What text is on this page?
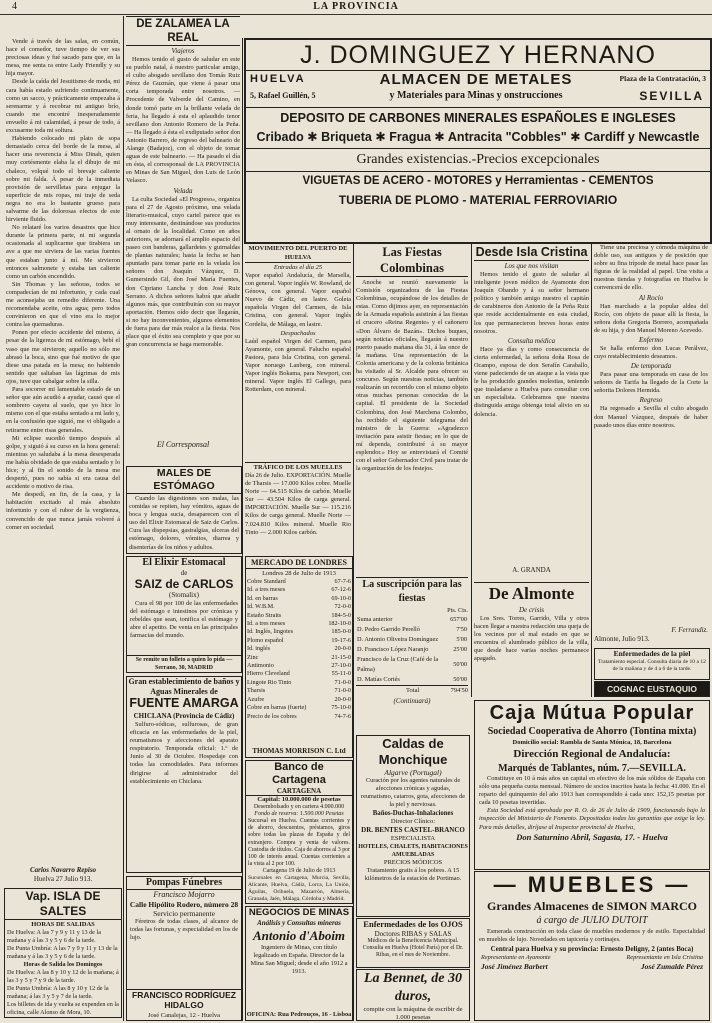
4	LA PROVINCIA

Vende á través de las salas, en común, hace el comedor, tuve tiempo de ver sus preciosas ideas y fué sacado para que, en la mesa, me senta ra entre Lady Friendly y su hija mayor.

Desde la caída del Jesuitismo de moda, mi cara había estado sufriendo continuamente, como un sacco, y prácticamente empezaba á serenarme y á recobrar mi antiguo brío, cuando me encontré inesperadamente envuelto á mi calamidad, á pesar de todo, á excusarme toda mi soltura.

Habiendo colocado mi plato de sopa demasiado cerca del borde de la mesa, al hacer una reverencia á Miss Dinah, quien muy cortésmente elaba la el dibujo de mi chaleco, volqué todo el brevaje caliente sobre mi falda. Á pesar de la inmediata provisión de servilletas para enjugar la superficie de mis ropas, mi traje de seda negra no era lo bastante grueso para salvarme de las dolorosas efectos de este hirviente fluido.

No relataré los varios desastres que hice durante la primera parte, ni mi segunda ocasionada al suplicarme que tirabiera un ave a que me sirviera de las varias fuentes que estaban junto á mí. Me sirvieron entonces salmonete y estaba tan caliente como un carbón encendido.

Sin Thomas y las señoras, todos se compadecían de mi infortunio, y cada cual me aconsejaba un remedio diferente. Una recomendaba aceite, otra agua; pero todos convinieron en que el vino era lo mejor contra las quemaduras.

Ponen por efecto accidente del mismo, á pesar de la ligereza de mi estómago, bebí el vaso que me sirvieron; aquello no sólo me abrasó la boca, sino que fué motivo de que diese una patada en la mesa; no habiendo sentido que saltaban las lágrimas de mis ojos, tuve que cabalgar sobre la silla.

Para socorrer mi lamentable estado de un señor que aún acudió a ayudar, causó que el sombrero cayera al suelo, que yo hice lo mismo con el que estaba sentado a mi lado y, en la confusión que siguió, me vi obligado a retirarme entre risas generales.

Mi eclipse sucedió tiempo después al golpe, y siguió á su curso en la hora general: mientras yo saludaba á la mesa desesperada me había olvidado de que estaba sentado y lo hice; y al fin el sonido de la mesa me despertó, pues no sabía si era causa del accidente o motivo de risa.

Me despedí, en fin, de la casa, y la habitación excitado al más absoluto infortunio y con el rubor de la vergüenza, convencido de que nunca jamás volveré á comer en sociedad.

Carlos Navarro Repiso
Huelva 27 Julio 913.
Vap. ISLA DE SALTES
HORAS DE SALIDAS
De Huelva: A las 7 y 9 y 11 y 13 de la mañana y á las 3 y 5 y 6 de la tarde.
De Punta Umbría: A las 7 y 9 y 11 y 13 de la mañana y á las 3 y 5 y 6 de la tarde.
Horas de Salida los Domingos
De Huelva: A las 8 y 10 y 12 de la mañana; á las 3 y 5 y 7 y 9 de la tarde.
De Punta Umbría: A las 8 y 10 y 12 de la mañana; á las 3 y 5 y 7 de la tarde.
Los billetes de ida y vuelta se expenden en la oficina, calle Alonso de Mora, 10.
DE ZALAMEA LA REAL
Viajeros
Hemos tenido el gusto de saludar en este su pueblo natal, á nuestro particular amigo, el culto abogado sevillano don Tomás Ruiz Pérez de Guzmán, que viene á pasar una corta temporada entre nosotros. — Procedente de Valverde del Camino, en donde tomó parte en la brillante velada de feria, ha llegado á esta el aplaudido tenor sevillano don Antonio Romero de la Peña. — Ha llegado á ésta el exdiputado señor don Antonio Barrero, de regreso del balneario de Alange (Badajoz), con el objeto de tomar aguas de este balneario. — Ha pasado el día en ésta, el corresponsal de LA PROVINCIA en Minas de San Miguel, don Luis de León Velasco.
Velada
La culta Sociedad «El Progreso», organiza para el 27 de Agosto próximo, una velada literario-musical, cuyo cartel parece que es muy interesante, destinándose sus productos al ornato de la localidad. Como en años anteriores, se adornará el amplio espacio del paseo con banderas, gallardetes y guirnaldas de plantas naturales; hasta la fecha se han apuntado para tomar parte en la velada los señores don Joaquín Vázquez, D. Gumersindo Gil, don José María Fuentes, don Cipriano Lancha y don José Ruiz Serrano. A dichos señores habrá que añadir algunos más, que contribuirán con su mayor aportación. Hemos oído decir que llegarán, si no hay inconvenientes, algunos elementos de fuera para dar más realce a la fiesta. Nos place que el éxito sea completo y que por su gran concurrencia se haga memorable.
El Corresponsal
MALES DE ESTÓMAGO
Cuando las digestiones son malas, las comidas se repiten, hay vómitos, aguas de boca y lengua sucia, desaparecen con el uso del Elixir Estomacal de Saiz de Carlos. Cura las dispepsias, gastralgias, ulceras del estómago, dolores, vómitos, diarrea y disenterías de los niños y adultos.
El Elixir Estomacal
de
SAIZ de CARLOS
(Stomalix)
Cura el 98 por 100 de las enfermedades del estómago e intestinos por crónicas y rebeldes que sean, tonifica el estómago y abre el apetito. De venta en las principales farmacias del mundo.
Se remite un folleto a quien lo pida — Serrano, 30, MADRID
Gran establecimiento de baños y Aguas Minerales de
FUENTE AMARGA
CHICLANA (Provincia de Cádiz)
Sulfuro-sódicas, sulfurosas, de gran eficacia en las enfermedades de la piel, reumatismos y afecciones del aparato respiratorio. Temporada oficial: 1.º de Junio al 30 de Octubre. Hospedaje con todas las comodidades. Para informes dirigirse al administrador del establecimiento en Chiclana.
Pompas Fúnebres
Francisco Mojarro
Calle Hipólito Rodero, número 28
Servicio permanente
Féretros de todas clases, al alcance de todas las fortunas, y especialidad en los de lujo.
FRANCISCO RODRÍGUEZ HIDALGO
José Canalejas, 12 - Huelva
J. DOMINGUEZ Y HERNANO
HUELVA	ALMACEN DE METALES	Plaza de la Contratación, 3
5, Rafael Guillén, 5	y Materiales para Minas y onstrucciones	SEVILLA
DEPOSITO DE CARBONES MINERALES ESPAÑOLES E INGLESES
Cribado ✱ Briqueta ✱ Fragua ✱ Antracita "Cobbles" ✱ Cardiff y Newcastle
Grandes existencias.-Precios excepcionales
VIGUETAS DE ACERO - MOTORES y Herramientas - CEMENTOS
TUBERIA DE PLOMO - MATERIAL FERROVIARIO
MOVIMIENTO DEL PUERTO DE HUELVA
Entradas el día 25
Vapor español Andalucía, de Marsella, con general. Vapor inglés W. Rowland, de Génova, con general. Vapor español Nuevo de Cádiz, en lastre. Goleta española Virgen del Carmen, de Isla Cristina, con general. Vapor inglés Cordelia, de Málaga, en lastre.
Despachados
Laúd español Virgen del Carmen, para Ayamonte, con general. Falucho español Pastora, para Isla Cristina, con general. Vapor noruego Lanberg, con mineral. Vapor inglés Bokama, para Newport, con mineral. Vapor inglés El Gallego, para Rotterdam, con mineral.
TRÁFICO DE LOS MUELLES
Día 26 de Julio. EXPORTACIÓN. Muelle de Tharsis — 17.000 Kilos cobre. Muelle Norte — 64.515 Kilos de carbón. Muelle Sur — 43.504 Kilos de carga general. IMPORTACIÓN. Muelle Sur — 115.216 Kilos de carga general. Muelle Norte — 7.024.810 Kilos mineral. Muelle Rio Tinto — 2.000 Kilos carbón.
MERCADO DE LONDRES
Londres 28 de Julio de 1913
Cobre Standard	67-7-6
Id. a tres meses	67-12-6
Id. en barras	69-10-0
Id. W.B.M.	72-0-0
Estaño Straits	184-5-0
Id. a tres meses	182-10-0
Id. Inglés, lingotes	185-0-0
Plomo español	19-17-6
Id. inglés	20-0-0
Zinc	21-15-0
Antimonio	27-10-0
Hierro Cleveland	55-11-0
Lingote Rio Tinto	71-0-0
Tharsis	71-0-0
Azufre	20-0-0
Cobre en barras (fuerte)	75-10-0
Precio de los cobres	74-7-6
THOMAS MORRISON C. Ltd
Banco de Cartagena
CARTAGENA
Capital: 10.000.000 de pesetas
Desembolsado y en cartera 4.000.000
Fondo de reserva: 1.500.000 Pesetas
Sucursal en Huelva. Cuentas corrientes y de ahorro, descuentos, préstamos, giros sobre todas las plazas de España y del extranjero. Compra y venta de valores. Custodia de títulos. Caja de ahorros al 3 por 100 de interés anual. Cuentas corrientes a la vista al 2 por 100.
Cartagena 19 de Julio de 1913
Sucursales en Cartagena, Murcia, Sevilla, Alicante, Huelva, Cádiz, Lorca, La Unión, Águilas, Orihuela, Mazarrón, Almería, Granada, Jaén, Málaga, Córdoba y Madrid.
NEGOCIOS DE MINAS
Análisis y Consultas mineras
Antonio d'Aboim
Ingeniero de Minas, con título legalizado en España. Director de la Mina San Miguel; desde el año 1912 a 1913.
OFICINA: Rua Pedrouços, 16 - Lisboa
Las Fiestas Colombinas
Anoche se reunió nuevamente la Comisión organizadora de las Fiestas Colombinas, ocupándose de los detalles de estas. Como dijimos ayer, en representación de la Armada española asistirán á las fiestas el crucero «Reina Regente» y el cañonero «Don Álvaro de Bazán». Dichos buques, según noticias oficiales, llegarán á nuestro puerto pasado mañana día 31, á las once de la mañana. Una representación de la Colonia americana y de la colonia británica ha visitado al Sr. Alcalde para ofrecer su concurso. Según nuestras noticias, también realizarán un recorrido con el mismo objeto otras muchas personas conocidas de la capital. El presidente de la Sociedad Colombina, don José Marchena Colombo, ha recibido el siguiente telegrama del ministro de la Guerra: «Agradezco invitación para asistir fiestas; en lo que de mí dependa, contribuiré á su mayor esplendor.» Hoy se entrevistará el Comité con el señor Gobernador Civil para tratar de la organización de los festejos.
La suscripción para las fiestas
Pts. Cts.
Suma anterior	657'00
D. Pedro Garrido Perelló	7'50
D. Antonio Oliveira Domínguez	5'00
D. Francisco López Naranjo	25'00
Francisco de la Cruz (Café de la Palma)	50'00
D. Matías Cortés	50'00
Total	794'50
(Continuará)
Caldas de Monchique
Algarve (Portugal)
Curación por los agentes naturales de afecciones crónicas y agudas, reumatismo, catarros, gota, afecciones de la piel y nerviosas.
Baños-Duchas-Inhalaciones
Director Clínico:
DR. BENTES CASTEL-BRANCO
ESPECIALISTA
HOTELES, CHALETS, HABITACIONES AMUEBLADAS
PRECIOS MÓDICOS
Tratamiento gratis á los pobres. A 15 kilómetros de la estación de Portimao.
Enfermedades de los OJOS
Doctores RIBAS y SALAS
Médicos de la Beneficencia Municipal. Consulta en Huelva (Hotel París) por el Dr. Ribas, en el mes de Noviembre.
La Bennet, de 30 duros,
compite con la máquina de escribir de 1.000 pesetas
Desde Isla Cristina
Los que nos visitan
Hemos tenido el gusto de saludar al inteligente joven médico de Ayamonte don Joaquín Obando y á su señor hermano político y también amigo nuestro el capitán de carabineros don Antonio de la Peña Ruiz que reside accidentalmente en esta ciudad, los que permanecieron breves horas entre nosotros.
Consulta médica
Hace ya días y como consecuencia de cierta enfermedad, la señora doña Rosa de Ocampo, esposa de don Serafín Caraballo, viene padeciendo de un ataque a la vista que le ha producido grandes molestias, teniendo que trasladarse a Huelva para consultar con un especialista. Celebramos que nuestra distinguida amiga obtenga total alivio en su dolencia.
A. GRANDA
De Almonte
De crisis
Los Sres. Torres, Garrido, Villa y otros hacen llegar a nuestra redacción una queja de los vecinos por el mal estado en que se encuentra el alumbrado público de la villa, que desde hace varias noches permanece apagado.
Tiene una preciosa y cómoda máquina de doble uso, sus antiguos y de posición que sobre su fina trípode de metal hace pasar las figuras de la realidad al papel. Una visita a nuestras tiendas y fotografías en Huelva le convencerá de ello.
Al Rocío
Han marchado a la popular aldea del Rocío, con objeto de pasar allí la fiesta, la señora doña Gregoria Borrero, acompañada de su hija, y don Manuel Moreno Acevedo.
Enfermo
Se halla enfermo don Lucas Perálvez, cuyo restablecimiento deseamos.
De temporada
Para pasar una temporada en casa de los señores de Tarifa ha llegado de la Corte la señorita Dolores Hermida.
Regreso
Ha regresado a Sevilla el culto abogado don Manuel Vázquez, después de haber pasado unos días entre nosotros.
F. Ferrandiz.
Almonte, Julio 913.
Enfermedades de la piel
Tratamiento especial. Consulta diaria de 10 a 12 de la mañana y de 4 a 6 de la tarde.
COGNAC EUSTAQUIO
Caja Mútua Popular
Sociedad Cooperativa de Ahorro (Tontina mixta)
Domicilio social: Rambla de Santa Mónica, 18, Barcelona
Dirección Regional de Andalucía:
Marqués de Tablantes, núm. 7.—SEVILLA.
Constituye en 10 á más años un capital en efectivo de los más sólidos de España con sólo una pequeña cuota mensual. Número de socios inscritos hasta la fecha: 41.000. En el reparto del quinquenio del año 1913 han correspondido á cada uno: 152,15 pesetas por cada 10 pesetas invertidas.
Esta Sociedad está aprobada por R. O. de 26 de Julio de 1909, funcionando bajo la inspección del Ministerio de Fomento. Depositadas todas las garantías que exige la ley. Para más detalles, diríjase al Inspector provincial de Huelva,
Don Saturnino Abril, Sagasta, 17. - Huelva
— MUEBLES —
Grandes Almacenes de SIMON MARCO
á cargo de JULIO DUTOIT
Esmerada construcción en toda clase de muebles modernos y de estilo. Especialidad en muebles de lujo. Novedades en tapicería y cortinajes.
Central para Huelva y su provincia: Ernesto Deligny, 2 (antes Boca)
Representante en Ayamonte	Representante en Isla Cristina
José Jiménez Barbert	José Zumalde Pérez
